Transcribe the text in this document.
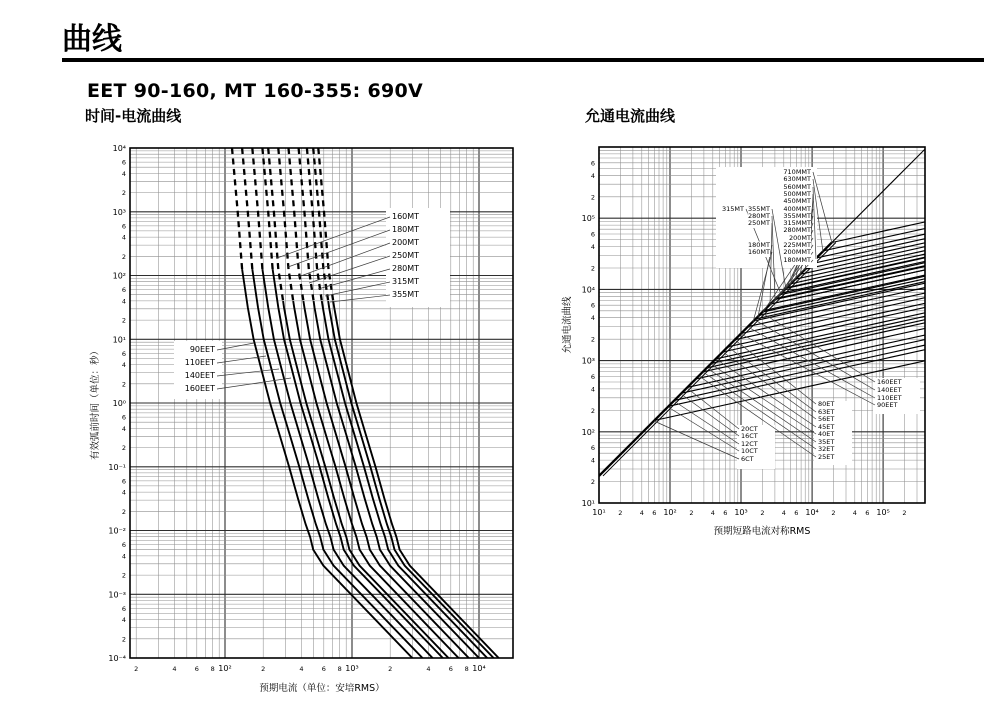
曲线
EET 90-160, MT 160-355: 690V
时间-电流曲线	允通电流曲线
10²	10³	10⁴
2	4	6 8	2	4	6 8	2	4	6 8
10⁴
10³
10²
10¹
10⁰
10⁻¹
10⁻²
10⁻³
10⁻⁴
2
4
6
2
4
6
2
4
6
2
4
6
2
4
6
2
4
6
2
4
6
2
4
6
预期电流（单位：安培RMS）
有效弧前时间（单位：秒）
160MT
180MT
200MT
250MT
280MT
315MT
355MT
90EET
110EET
140EET
160EET
10¹	10²	10³	10⁴	10⁵
2	4 6	2	4 6	2	4 6	2	4 6	2
10⁵
10⁴
10³
10²
10¹
2
4
6
2
4
6
2
4
6
2
4
6
2
4
6
预期短路电流对称RMS
允通电流曲线
710MMT
630MMT
560MMT
500MMT
450MMT
315MT 355MT 400MMT
280MT 355MMT
250MT 315MMT
280MMT
200MT
180MT 225MMT
160MT 200MMT
180MMT
20CT
16CT
12CT
10CT
6CT
80ET
63ET
56ET
45ET
40ET
35ET
32ET
25ET
160EET
140EET
110EET
90EET
